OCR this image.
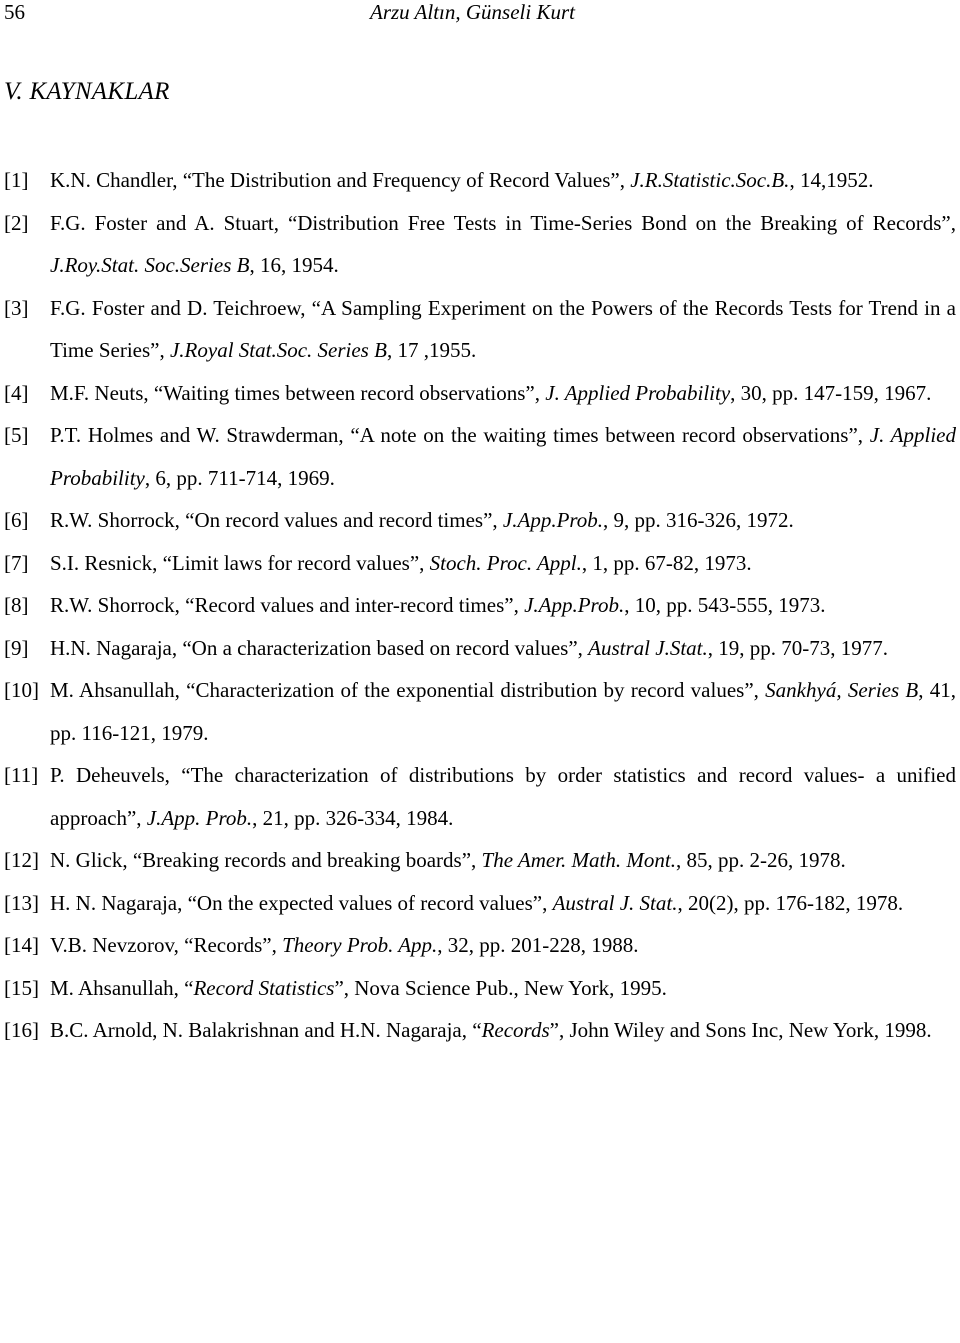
56	Arzu Altın, Günseli Kurt
V. KAYNAKLAR
[1]	K.N. Chandler, “The Distribution and Frequency of Record Values”, J.R.Statistic.Soc.B., 14,1952.
[2]	F.G. Foster and A. Stuart, “Distribution Free Tests in Time-Series Bond on the Breaking of Records”, J.Roy.Stat. Soc.Series B, 16, 1954.
[3]	F.G. Foster and D. Teichroew, “A Sampling Experiment on the Powers of the Records Tests for Trend in a Time Series”, J.Royal Stat.Soc. Series B, 17 ,1955.
[4]	M.F. Neuts, “Waiting times between record observations”, J. Applied Probability, 30, pp. 147-159, 1967.
[5]	P.T. Holmes and W. Strawderman, “A note on the waiting times between record observations”, J. Applied Probability, 6, pp. 711-714, 1969.
[6]	R.W. Shorrock, “On record values and record times”, J.App.Prob., 9, pp. 316-326, 1972.
[7]	S.I. Resnick, “Limit laws for record values”, Stoch. Proc. Appl., 1, pp. 67-82, 1973.
[8]	R.W. Shorrock, “Record values and inter-record times”, J.App.Prob., 10, pp. 543-555, 1973.
[9]	H.N. Nagaraja, “On a characterization based on record values”, Austral J.Stat., 19, pp. 70-73, 1977.
[10] M. Ahsanullah, “Characterization of the exponential distribution by record values”, Sankhyá, Series B, 41, pp. 116-121, 1979.
[11] P. Deheuvels, “The characterization of distributions by order statistics and record values- a unified approach”, J.App. Prob., 21, pp. 326-334, 1984.
[12] N. Glick, “Breaking records and breaking boards”, The Amer. Math. Mont., 85, pp. 2-26, 1978.
[13] H. N. Nagaraja, “On the expected values of record values”, Austral J. Stat., 20(2), pp. 176-182, 1978.
[14] V.B. Nevzorov, “Records”, Theory Prob. App., 32, pp. 201-228, 1988.
[15] M. Ahsanullah, “Record Statistics”, Nova Science Pub., New York, 1995.
[16] B.C. Arnold, N. Balakrishnan and H.N. Nagaraja, “Records”, John Wiley and Sons Inc, New York, 1998.
